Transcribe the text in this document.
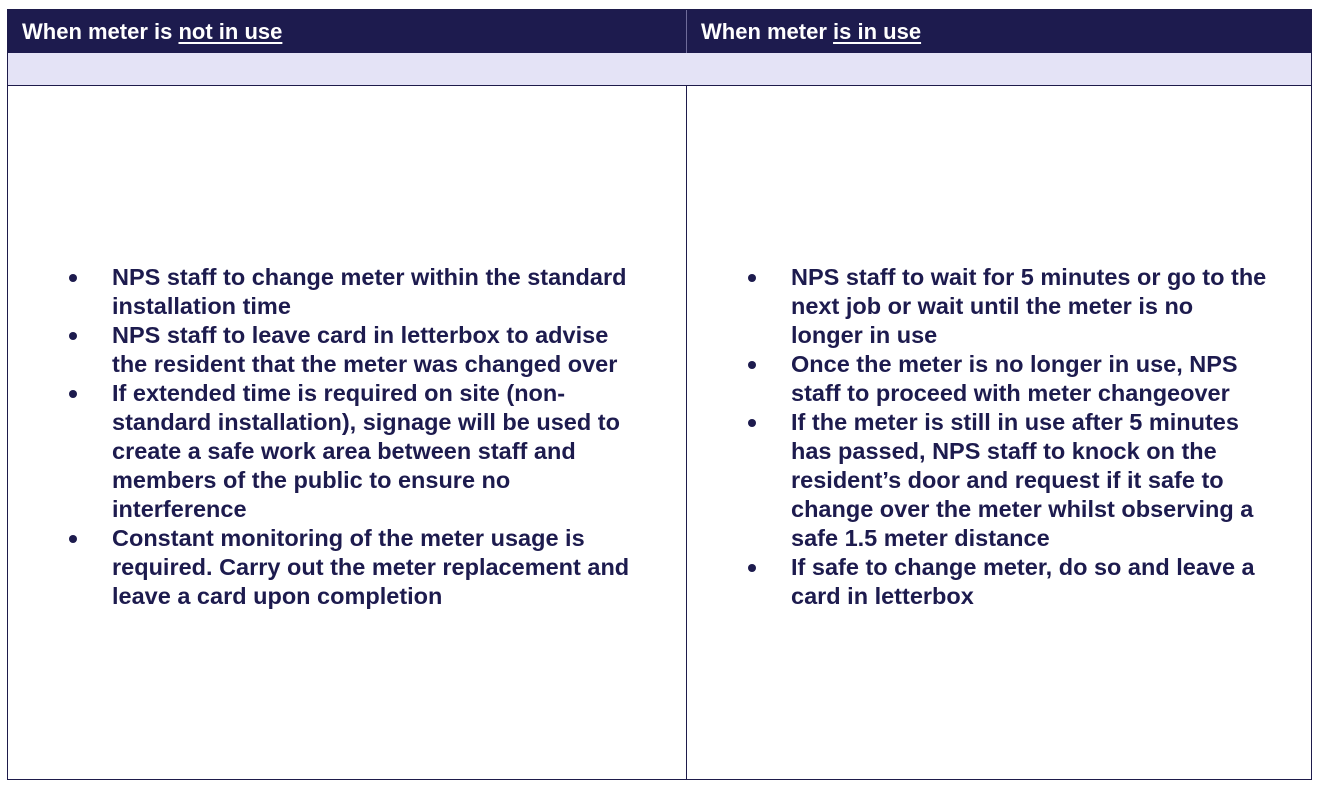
When meter is not in use	When meter is in use
NPS staff to change meter within the standard
installation time
NPS staff to leave card in letterbox to advise
the resident that the meter was changed over
If extended time is required on site (non-
standard installation), signage will be used to
create a safe work area between staff and
members of the public to ensure no
interference
Constant monitoring of the meter usage is
required. Carry out the meter replacement and
leave a card upon completion
NPS staff to wait for 5 minutes or go to the
next job or wait until the meter is no
longer in use
Once the meter is no longer in use, NPS
staff to proceed with meter changeover
If the meter is still in use after 5 minutes
has passed, NPS staff to knock on the
resident’s door and request if it safe to
change over the meter whilst observing a
safe 1.5 meter distance
If safe to change meter, do so and leave a
card in letterbox
